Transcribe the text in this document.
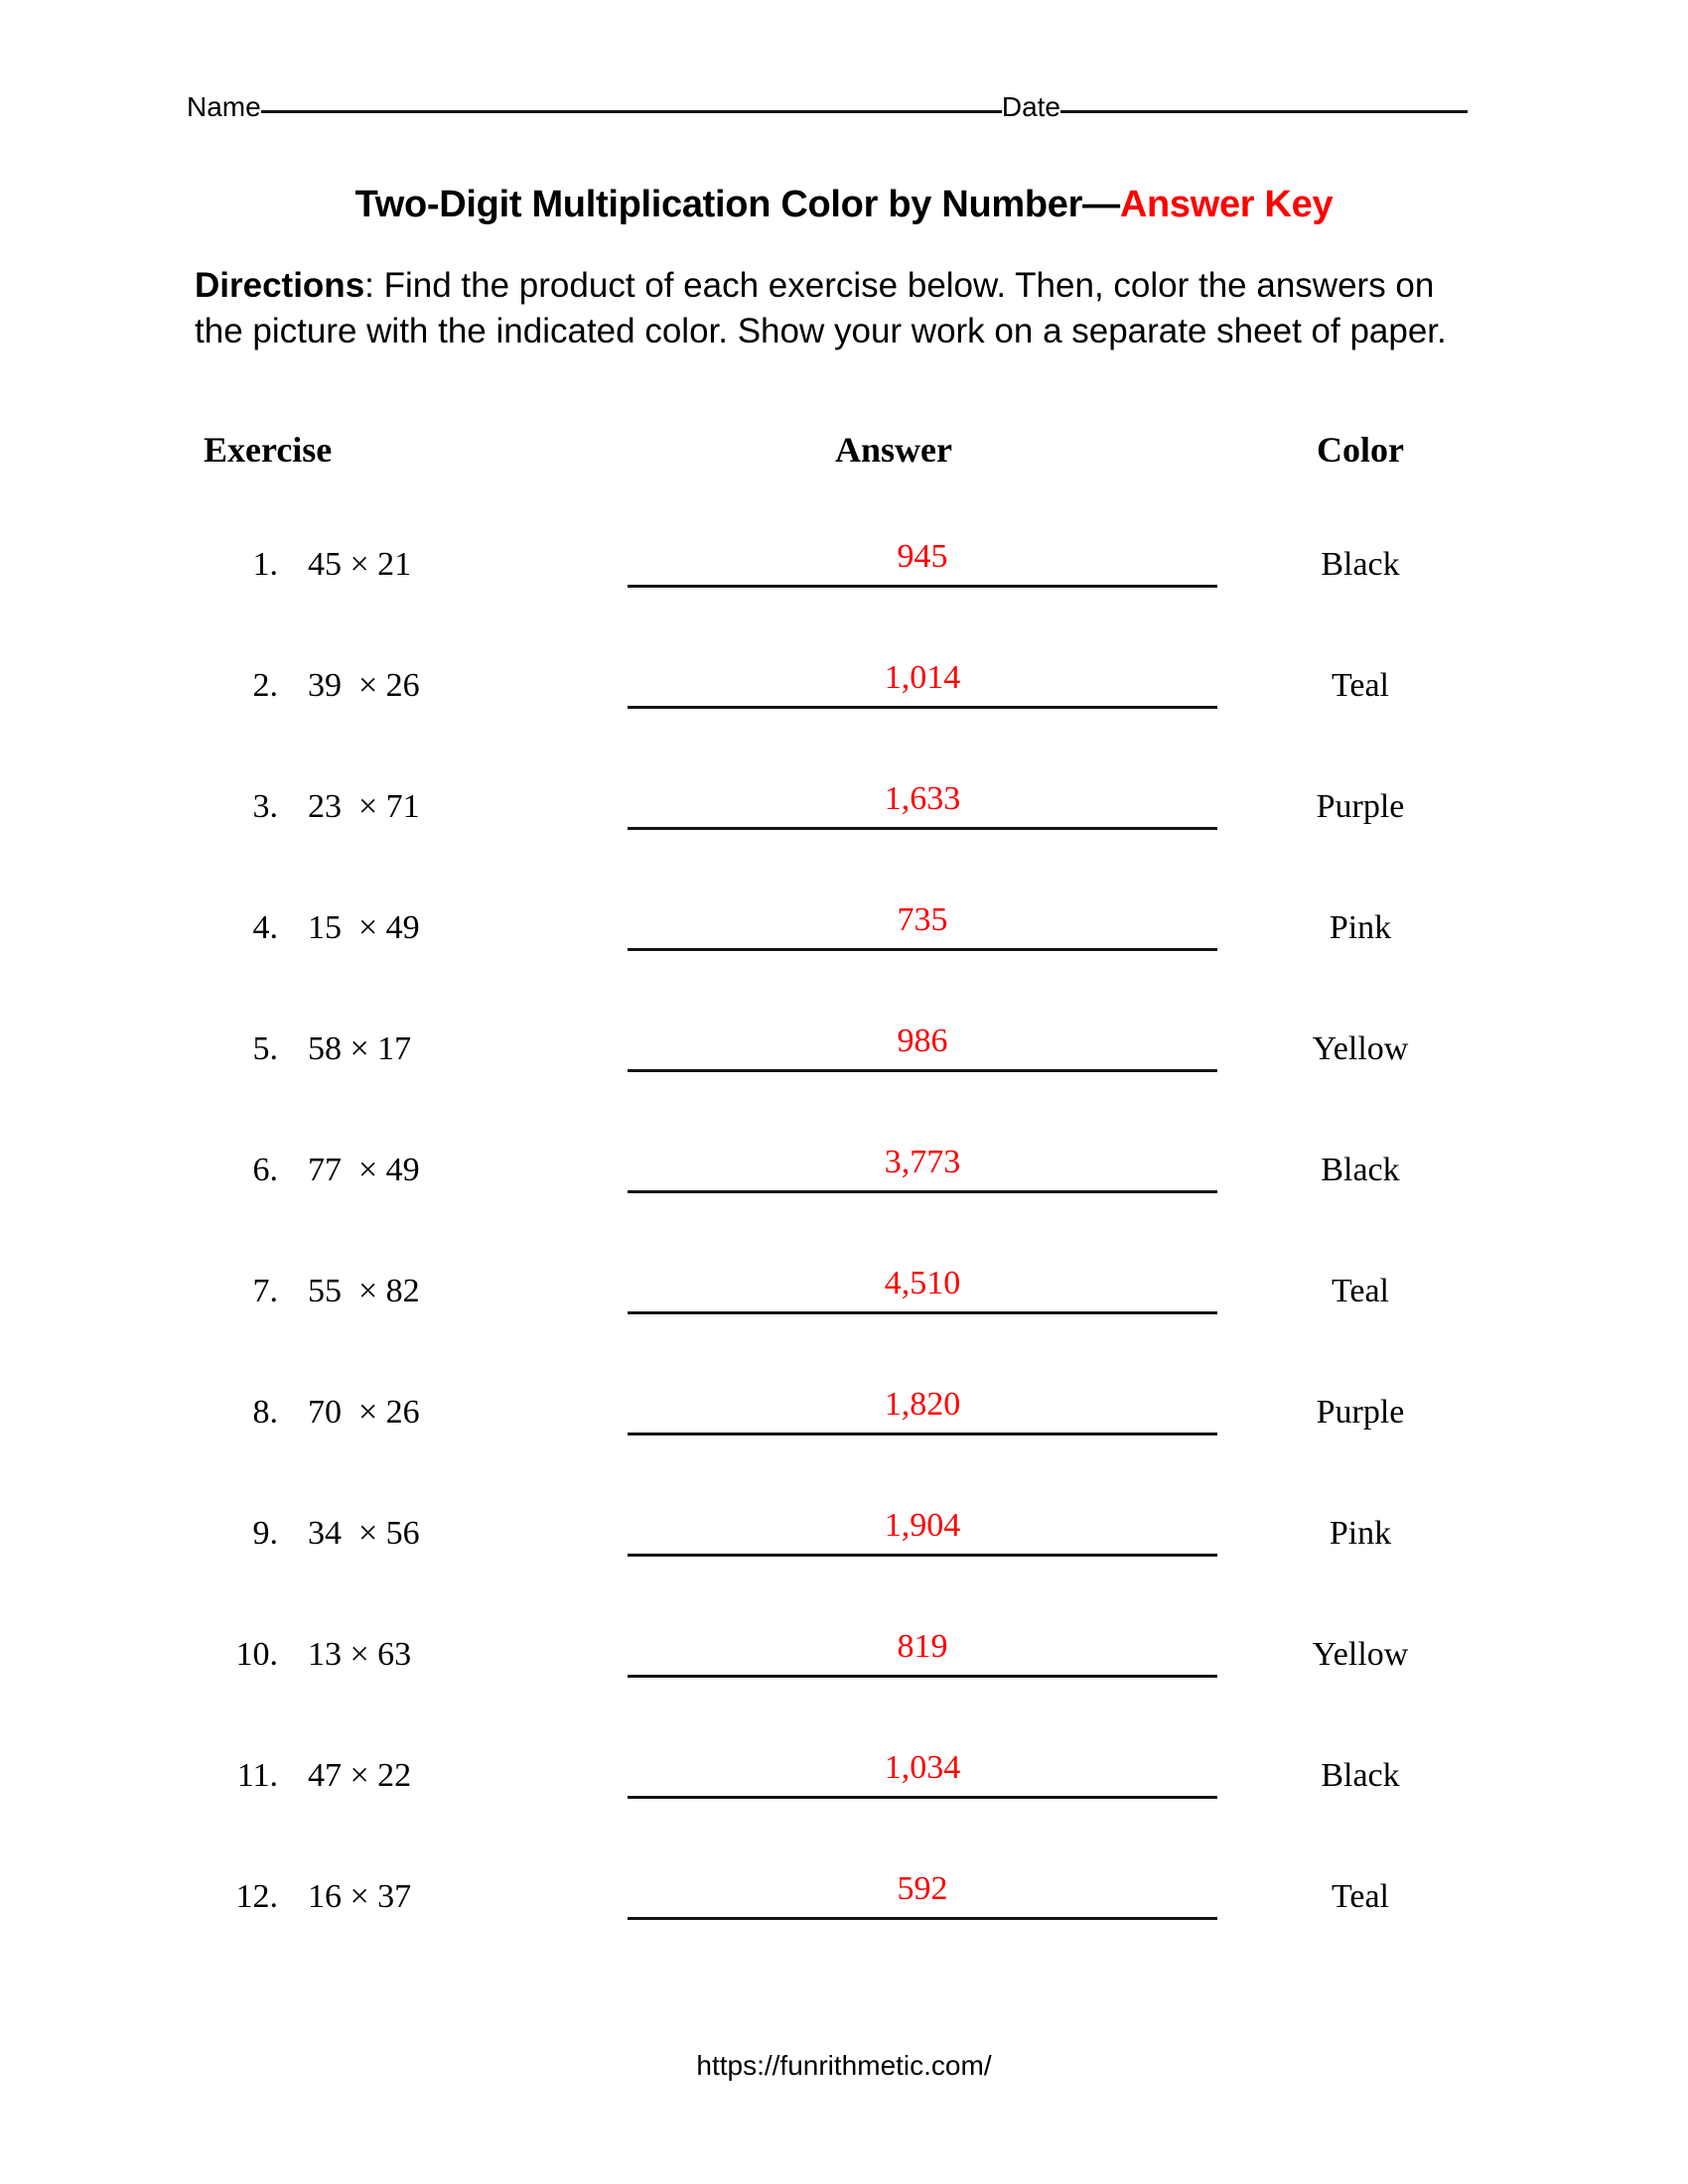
Name	Date
Two-Digit Multiplication Color by Number—Answer Key
Directions: Find the product of each exercise below. Then, color the answers on the picture with the indicated color. Show your work on a separate sheet of paper.
Exercise	Answer	Color
1. 45 × 21	945	Black
2. 39  × 26	1,014	Teal
3. 23  × 71	1,633	Purple
4. 15  × 49	735	Pink
5. 58 × 17	986	Yellow
6. 77  × 49	3,773	Black
7. 55  × 82	4,510	Teal
8. 70  × 26	1,820	Purple
9. 34  × 56	1,904	Pink
10. 13 × 63	819	Yellow
11. 47 × 22	1,034	Black
12. 16 × 37	592	Teal
https://funrithmetic.com/
